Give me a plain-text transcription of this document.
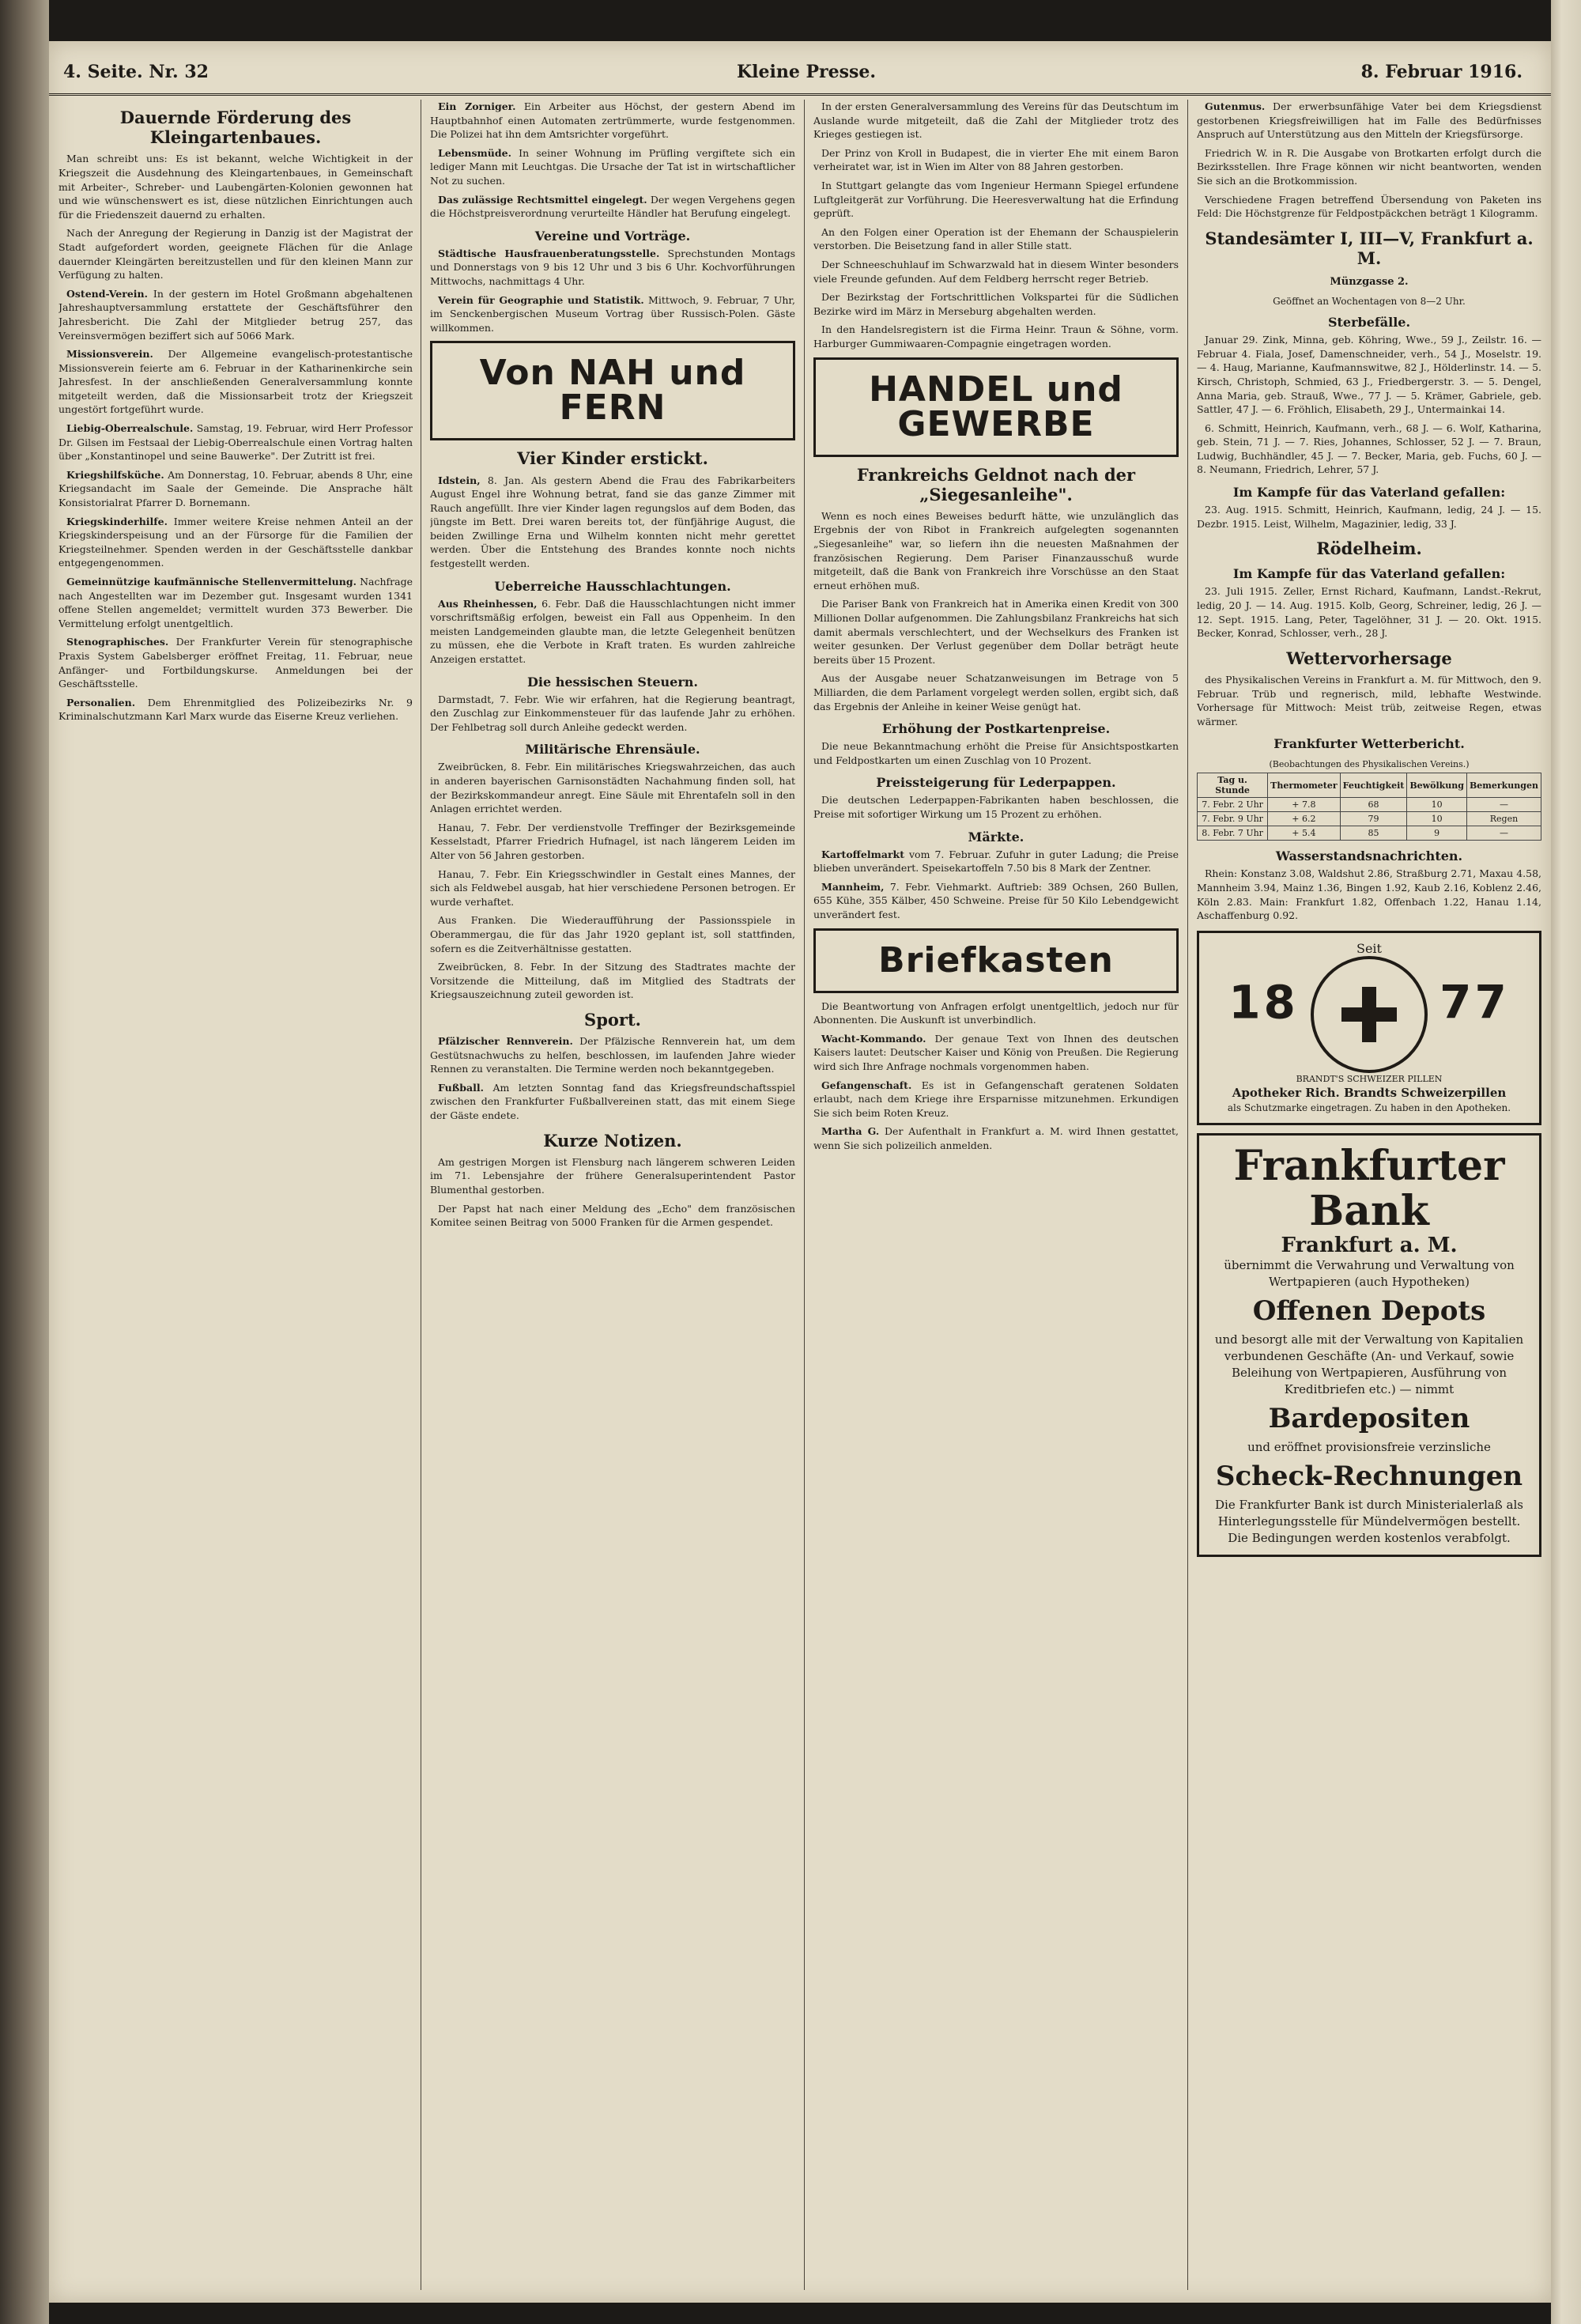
4. Seite. Nr. 32	Kleine Presse.	8. Februar 1916.
Dauernde Förderung des Kleingartenbaues.

Man schreibt uns: Es ist bekannt, welche Wichtigkeit in der Kriegszeit die Ausdehnung des Kleingartenbaues, in Gemeinschaft mit Arbeiter-, Schreber- und Laubengärten-Kolonien gewonnen hat und wie wünschenswert es ist, diese nützlichen Einrichtungen auch für die Friedenszeit dauernd zu erhalten.

Nach der Anregung der Regierung in Danzig ist der Magistrat der Stadt aufgefordert worden, geeignete Flächen für die Anlage dauernder Kleingärten bereitzustellen und für den kleinen Mann zur Verfügung zu halten.

Ostend-Verein. In der gestern im Hotel Großmann abgehaltenen Jahreshauptversammlung erstattete der Geschäftsführer den Jahresbericht. Die Zahl der Mitglieder betrug 257, das Vereinsvermögen beziffert sich auf 5066 Mark.

Missionsverein. Der Allgemeine evangelisch-protestantische Missionsverein feierte am 6. Februar in der Katharinenkirche sein Jahresfest. In der anschließenden Generalversammlung konnte mitgeteilt werden, daß die Missionsarbeit trotz der Kriegszeit ungestört fortgeführt wurde.

Liebig-Oberrealschule. Samstag, 19. Februar, wird Herr Professor Dr. Gilsen im Festsaal der Liebig-Oberrealschule einen Vortrag halten über „Konstantinopel und seine Bauwerke". Der Zutritt ist frei.

Kriegshilfsküche. Am Donnerstag, 10. Februar, abends 8 Uhr, eine Kriegsandacht im Saale der Gemeinde. Die Ansprache hält Konsistorialrat Pfarrer D. Bornemann.

Kriegskinderhilfe. Immer weitere Kreise nehmen Anteil an der Kriegskinderspeisung und an der Fürsorge für die Familien der Kriegsteilnehmer. Spenden werden in der Geschäftsstelle dankbar entgegengenommen.

Gemeinnützige kaufmännische Stellenvermittelung. Nachfrage nach Angestellten war im Dezember gut. Insgesamt wurden 1341 offene Stellen angemeldet; vermittelt wurden 373 Bewerber. Die Vermittelung erfolgt unentgeltlich.

Stenographisches. Der Frankfurter Verein für stenographische Praxis System Gabelsberger eröffnet Freitag, 11. Februar, neue Anfänger- und Fortbildungskurse. Anmeldungen bei der Geschäftsstelle.

Personalien. Dem Ehrenmitglied des Polizeibezirks Nr. 9 Kriminalschutzmann Karl Marx wurde das Eiserne Kreuz verliehen.

Ein Zorniger. Ein Arbeiter aus Höchst, der gestern Abend im Hauptbahnhof einen Automaten zertrümmerte, wurde festgenommen. Die Polizei hat ihn dem Amtsrichter vorgeführt.

Lebensmüde. In seiner Wohnung im Prüfling vergiftete sich ein lediger Mann mit Leuchtgas. Die Ursache der Tat ist in wirtschaftlicher Not zu suchen.

Das zulässige Rechtsmittel eingelegt. Der wegen Vergehens gegen die Höchstpreisverordnung verurteilte Händler hat Berufung eingelegt.

Vereine und Vorträge.

Städtische Hausfrauenberatungsstelle. Sprechstunden Montags und Donnerstags von 9 bis 12 Uhr und 3 bis 6 Uhr. Kochvorführungen Mittwochs, nachmittags 4 Uhr.

Verein für Geographie und Statistik. Mittwoch, 9. Februar, 7 Uhr, im Senckenbergischen Museum Vortrag über Russisch-Polen. Gäste willkommen.

Von NAH und FERN
Vier Kinder erstickt.

Idstein, 8. Jan. Als gestern Abend die Frau des Fabrikarbeiters August Engel ihre Wohnung betrat, fand sie das ganze Zimmer mit Rauch angefüllt. Ihre vier Kinder lagen regungslos auf dem Boden, das jüngste im Bett. Drei waren bereits tot, der fünfjährige August, die beiden Zwillinge Erna und Wilhelm konnten nicht mehr gerettet werden. Über die Entstehung des Brandes konnte noch nichts festgestellt werden.

Ueberreiche Hausschlachtungen.

Aus Rheinhessen, 6. Febr. Daß die Hausschlachtungen nicht immer vorschriftsmäßig erfolgen, beweist ein Fall aus Oppenheim. In den meisten Landgemeinden glaubte man, die letzte Gelegenheit benützen zu müssen, ehe die Verbote in Kraft traten. Es wurden zahlreiche Anzeigen erstattet.

Die hessischen Steuern.

Darmstadt, 7. Febr. Wie wir erfahren, hat die Regierung beantragt, den Zuschlag zur Einkommensteuer für das laufende Jahr zu erhöhen. Der Fehlbetrag soll durch Anleihe gedeckt werden.

Militärische Ehrensäule.

Zweibrücken, 8. Febr. Ein militärisches Kriegswahrzeichen, das auch in anderen bayerischen Garnisonstädten Nachahmung finden soll, hat der Bezirkskommandeur anregt. Eine Säule mit Ehrentafeln soll in den Anlagen errichtet werden.

Hanau, 7. Febr. Der verdienstvolle Treffinger der Bezirksgemeinde Kesselstadt, Pfarrer Friedrich Hufnagel, ist nach längerem Leiden im Alter von 56 Jahren gestorben.

Hanau, 7. Febr. Ein Kriegsschwindler in Gestalt eines Mannes, der sich als Feldwebel ausgab, hat hier verschiedene Personen betrogen. Er wurde verhaftet.

Aus Franken. Die Wiederaufführung der Passionsspiele in Oberammergau, die für das Jahr 1920 geplant ist, soll stattfinden, sofern es die Zeitverhältnisse gestatten.

Zweibrücken, 8. Febr. In der Sitzung des Stadtrates machte der Vorsitzende die Mitteilung, daß im Mitglied des Stadtrats der Kriegsauszeichnung zuteil geworden ist.

Sport.

Pfälzischer Rennverein. Der Pfälzische Rennverein hat, um dem Gestütsnachwuchs zu helfen, beschlossen, im laufenden Jahre wieder Rennen zu veranstalten. Die Termine werden noch bekanntgegeben.

Fußball. Am letzten Sonntag fand das Kriegsfreundschaftsspiel zwischen den Frankfurter Fußballvereinen statt, das mit einem Siege der Gäste endete.

Kurze Notizen.

Am gestrigen Morgen ist Flensburg nach längerem schweren Leiden im 71. Lebensjahre der frühere Generalsuperintendent Pastor Blumenthal gestorben.

Der Papst hat nach einer Meldung des „Echo" dem französischen Komitee seinen Beitrag von 5000 Franken für die Armen gespendet.

In der ersten Generalversammlung des Vereins für das Deutschtum im Auslande wurde mitgeteilt, daß die Zahl der Mitglieder trotz des Krieges gestiegen ist.

Der Prinz von Kroll in Budapest, die in vierter Ehe mit einem Baron verheiratet war, ist in Wien im Alter von 88 Jahren gestorben.

In Stuttgart gelangte das vom Ingenieur Hermann Spiegel erfundene Luftgleitgerät zur Vorführung. Die Heeresverwaltung hat die Erfindung geprüft.

An den Folgen einer Operation ist der Ehemann der Schauspielerin verstorben. Die Beisetzung fand in aller Stille statt.

Der Schneeschuhlauf im Schwarzwald hat in diesem Winter besonders viele Freunde gefunden. Auf dem Feldberg herrscht reger Betrieb.

Der Bezirkstag der Fortschrittlichen Volkspartei für die Südlichen Bezirke wird im März in Merseburg abgehalten werden.

In den Handelsregistern ist die Firma Heinr. Traun & Söhne, vorm. Harburger Gummiwaaren-Compagnie eingetragen worden.

HANDEL und GEWERBE
Frankreichs Geldnot nach der „Siegesanleihe".

Wenn es noch eines Beweises bedurft hätte, wie unzulänglich das Ergebnis der von Ribot in Frankreich aufgelegten sogenannten „Siegesanleihe" war, so liefern ihn die neuesten Maßnahmen der französischen Regierung. Dem Pariser Finanzausschuß wurde mitgeteilt, daß die Bank von Frankreich ihre Vorschüsse an den Staat erneut erhöhen muß.

Die Pariser Bank von Frankreich hat in Amerika einen Kredit von 300 Millionen Dollar aufgenommen. Die Zahlungsbilanz Frankreichs hat sich damit abermals verschlechtert, und der Wechselkurs des Franken ist weiter gesunken. Der Verlust gegenüber dem Dollar beträgt heute bereits über 15 Prozent.

Aus der Ausgabe neuer Schatzanweisungen im Betrage von 5 Milliarden, die dem Parlament vorgelegt werden sollen, ergibt sich, daß das Ergebnis der Anleihe in keiner Weise genügt hat.

Erhöhung der Postkartenpreise.

Die neue Bekanntmachung erhöht die Preise für Ansichtspostkarten und Feldpostkarten um einen Zuschlag von 10 Prozent.

Preissteigerung für Lederpappen.

Die deutschen Lederpappen-Fabrikanten haben beschlossen, die Preise mit sofortiger Wirkung um 15 Prozent zu erhöhen.

Märkte.

Kartoffelmarkt vom 7. Februar. Zufuhr in guter Ladung; die Preise blieben unverändert. Speisekartoffeln 7.50 bis 8 Mark der Zentner.

Mannheim, 7. Febr. Viehmarkt. Auftrieb: 389 Ochsen, 260 Bullen, 655 Kühe, 355 Kälber, 450 Schweine. Preise für 50 Kilo Lebendgewicht unverändert fest.

Briefkasten

Die Beantwortung von Anfragen erfolgt unentgeltlich, jedoch nur für Abonnenten. Die Auskunft ist unverbindlich.

Wacht-Kommando. Der genaue Text von Ihnen des deutschen Kaisers lautet: Deutscher Kaiser und König von Preußen. Die Regierung wird sich Ihre Anfrage nochmals vorgenommen haben.

Gefangenschaft. Es ist in Gefangenschaft geratenen Soldaten erlaubt, nach dem Kriege ihre Ersparnisse mitzunehmen. Erkundigen Sie sich beim Roten Kreuz.

Martha G. Der Aufenthalt in Frankfurt a. M. wird Ihnen gestattet, wenn Sie sich polizeilich anmelden.

Gutenmus. Der erwerbsunfähige Vater bei dem Kriegsdienst gestorbenen Kriegsfreiwilligen hat im Falle des Bedürfnisses Anspruch auf Unterstützung aus den Mitteln der Kriegsfürsorge.

Friedrich W. in R. Die Ausgabe von Brotkarten erfolgt durch die Bezirksstellen. Ihre Frage können wir nicht beantworten, wenden Sie sich an die Brotkommission.

Verschiedene Fragen betreffend Übersendung von Paketen ins Feld: Die Höchstgrenze für Feldpostpäckchen beträgt 1 Kilogramm.

Standesämter I, III—V, Frankfurt a. M.
Münzgasse 2.
Geöffnet an Wochentagen von 8—2 Uhr.
Sterbefälle.

Januar 29. Zink, Minna, geb. Köhring, Wwe., 59 J., Zeilstr. 16. — Februar 4. Fiala, Josef, Damenschneider, verh., 54 J., Moselstr. 19. — 4. Haug, Marianne, Kaufmannswitwe, 82 J., Hölderlinstr. 14. — 5. Kirsch, Christoph, Schmied, 63 J., Friedbergerstr. 3. — 5. Dengel, Anna Maria, geb. Strauß, Wwe., 77 J. — 5. Krämer, Gabriele, geb. Sattler, 47 J. — 6. Fröhlich, Elisabeth, 29 J., Untermainkai 14.

6. Schmitt, Heinrich, Kaufmann, verh., 68 J. — 6. Wolf, Katharina, geb. Stein, 71 J. — 7. Ries, Johannes, Schlosser, 52 J. — 7. Braun, Ludwig, Buchhändler, 45 J. — 7. Becker, Maria, geb. Fuchs, 60 J. — 8. Neumann, Friedrich, Lehrer, 57 J.

Im Kampfe für das Vaterland gefallen:

23. Aug. 1915. Schmitt, Heinrich, Kaufmann, ledig, 24 J. — 15. Dezbr. 1915. Leist, Wilhelm, Magazinier, ledig, 33 J.

Rödelheim.
Im Kampfe für das Vaterland gefallen:

23. Juli 1915. Zeller, Ernst Richard, Kaufmann, Landst.-Rekrut, ledig, 20 J. — 14. Aug. 1915. Kolb, Georg, Schreiner, ledig, 26 J. — 12. Sept. 1915. Lang, Peter, Tagelöhner, 31 J. — 20. Okt. 1915. Becker, Konrad, Schlosser, verh., 28 J.

Wettervorhersage

des Physikalischen Vereins in Frankfurt a. M. für Mittwoch, den 9. Februar. Trüb und regnerisch, mild, lebhafte Westwinde. Vorhersage für Mittwoch: Meist trüb, zeitweise Regen, etwas wärmer.

Frankfurter Wetterbericht.
(Beobachtungen des Physikalischen Vereins.)
Tag u. Stunde	Thermometer	Feuchtigkeit	Bewölkung	Bemerkungen
7. Febr. 2 Uhr	+ 7.8	68	10	—
7. Febr. 9 Uhr	+ 6.2	79	10	Regen
8. Febr. 7 Uhr	+ 5.4	85	9	—
Wasserstandsnachrichten.

Rhein: Konstanz 3.08, Waldshut 2.86, Straßburg 2.71, Maxau 4.58, Mannheim 3.94, Mainz 1.36, Bingen 1.92, Kaub 2.16, Koblenz 2.46, Köln 2.83. Main: Frankfurt 1.82, Offenbach 1.22, Hanau 1.14, Aschaffenburg 0.92.

Seit
18	77
BRANDT'S SCHWEIZER PILLEN
Apotheker Rich. Brandts Schweizerpillen
als Schutzmarke eingetragen. Zu haben in den Apotheken.
Frankfurter Bank
Frankfurt a. M.
übernimmt die Verwahrung und Verwaltung von Wertpapieren (auch Hypotheken)
Offenen Depots
und besorgt alle mit der Verwaltung von Kapitalien verbundenen Geschäfte (An- und Verkauf, sowie Beleihung von Wertpapieren, Ausführung von Kreditbriefen etc.) — nimmt
Bardepositen
und eröffnet provisionsfreie verzinsliche
Scheck-Rechnungen
Die Frankfurter Bank ist durch Ministerialerlaß als Hinterlegungsstelle für Mündelvermögen bestellt. Die Bedingungen werden kostenlos verabfolgt.
